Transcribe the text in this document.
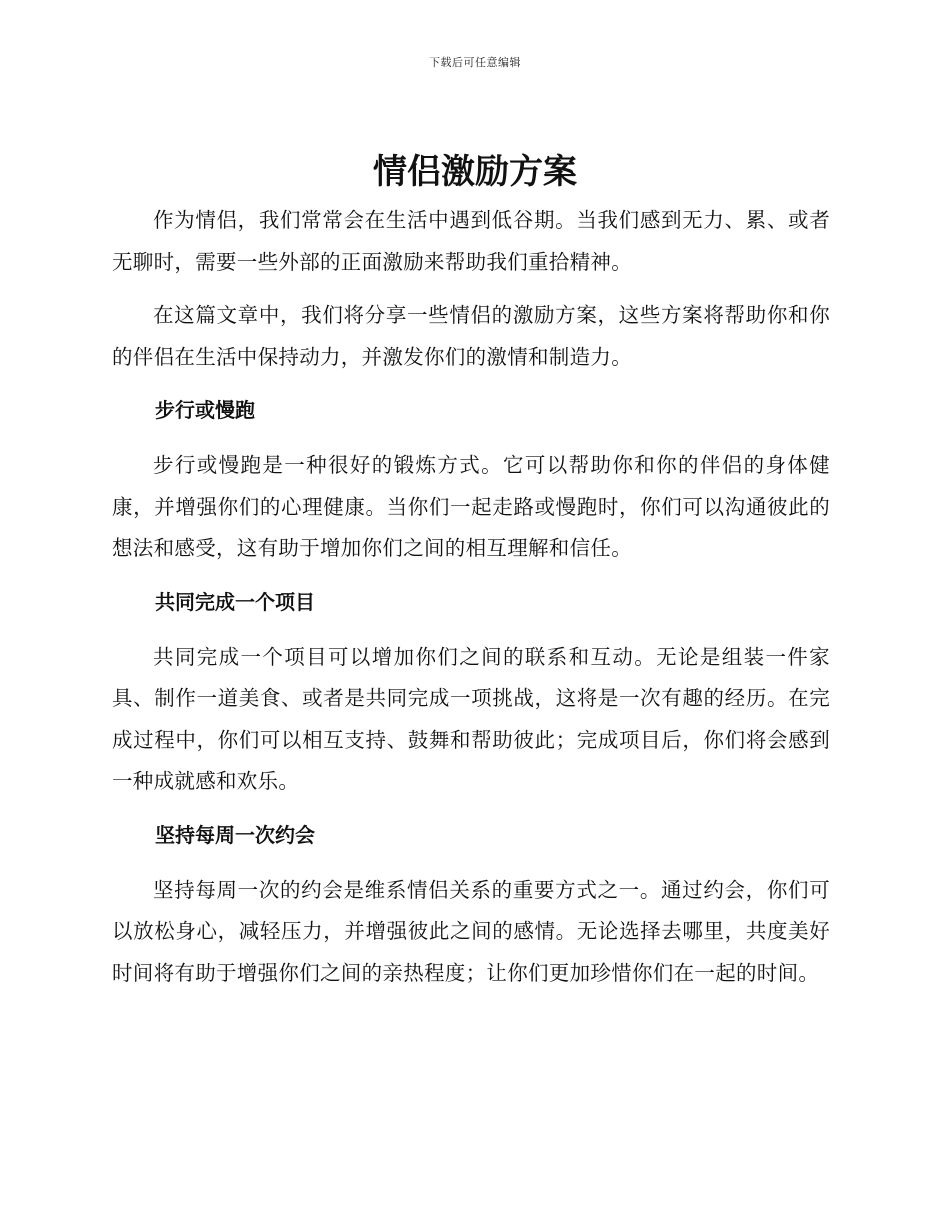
下载后可任意编辑
情侣激励方案

作为情侣，我们常常会在生活中遇到低谷期。当我们感到无力、累、或者无聊时，需要一些外部的正面激励来帮助我们重拾精神。

在这篇文章中，我们将分享一些情侣的激励方案，这些方案将帮助你和你的伴侣在生活中保持动力，并激发你们的激情和制造力。

步行或慢跑

步行或慢跑是一种很好的锻炼方式。它可以帮助你和你的伴侣的身体健康，并增强你们的心理健康。当你们一起走路或慢跑时，你们可以沟通彼此的想法和感受，这有助于增加你们之间的相互理解和信任。

共同完成一个项目

共同完成一个项目可以增加你们之间的联系和互动。无论是组装一件家具、制作一道美食、或者是共同完成一项挑战，这将是一次有趣的经历。在完成过程中，你们可以相互支持、鼓舞和帮助彼此；完成项目后，你们将会感到一种成就感和欢乐。

坚持每周一次约会

坚持每周一次的约会是维系情侣关系的重要方式之一。通过约会，你们可以放松身心，减轻压力，并增强彼此之间的感情。无论选择去哪里，共度美好时间将有助于增强你们之间的亲热程度；让你们更加珍惜你们在一起的时间。
